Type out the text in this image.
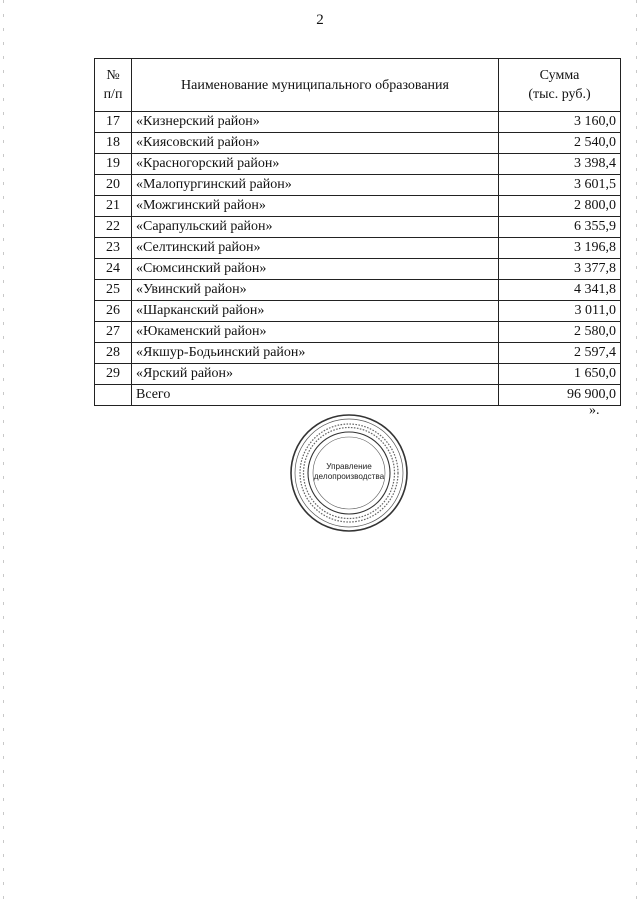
2
№
п/п	Наименование муниципального образования	Сумма
(тыс. руб.)
17	«Кизнерский район»	3 160,0
18	«Киясовский район»	2 540,0
19	«Красногорский район»	3 398,4
20	«Малопургинский район»	3 601,5
21	«Можгинский район»	2 800,0
22	«Сарапульский район»	6 355,9
23	«Селтинский район»	3 196,8
24	«Сюмсинский район»	3 377,8
25	«Увинский район»	4 341,8
26	«Шарканский район»	3 011,0
27	«Юкаменский район»	2 580,0
28	«Якшур-Бодьинский район»	2 597,4
29	«Ярский район»	1 650,0
	Всего	96 900,0
».
Управление
делопроизводства
